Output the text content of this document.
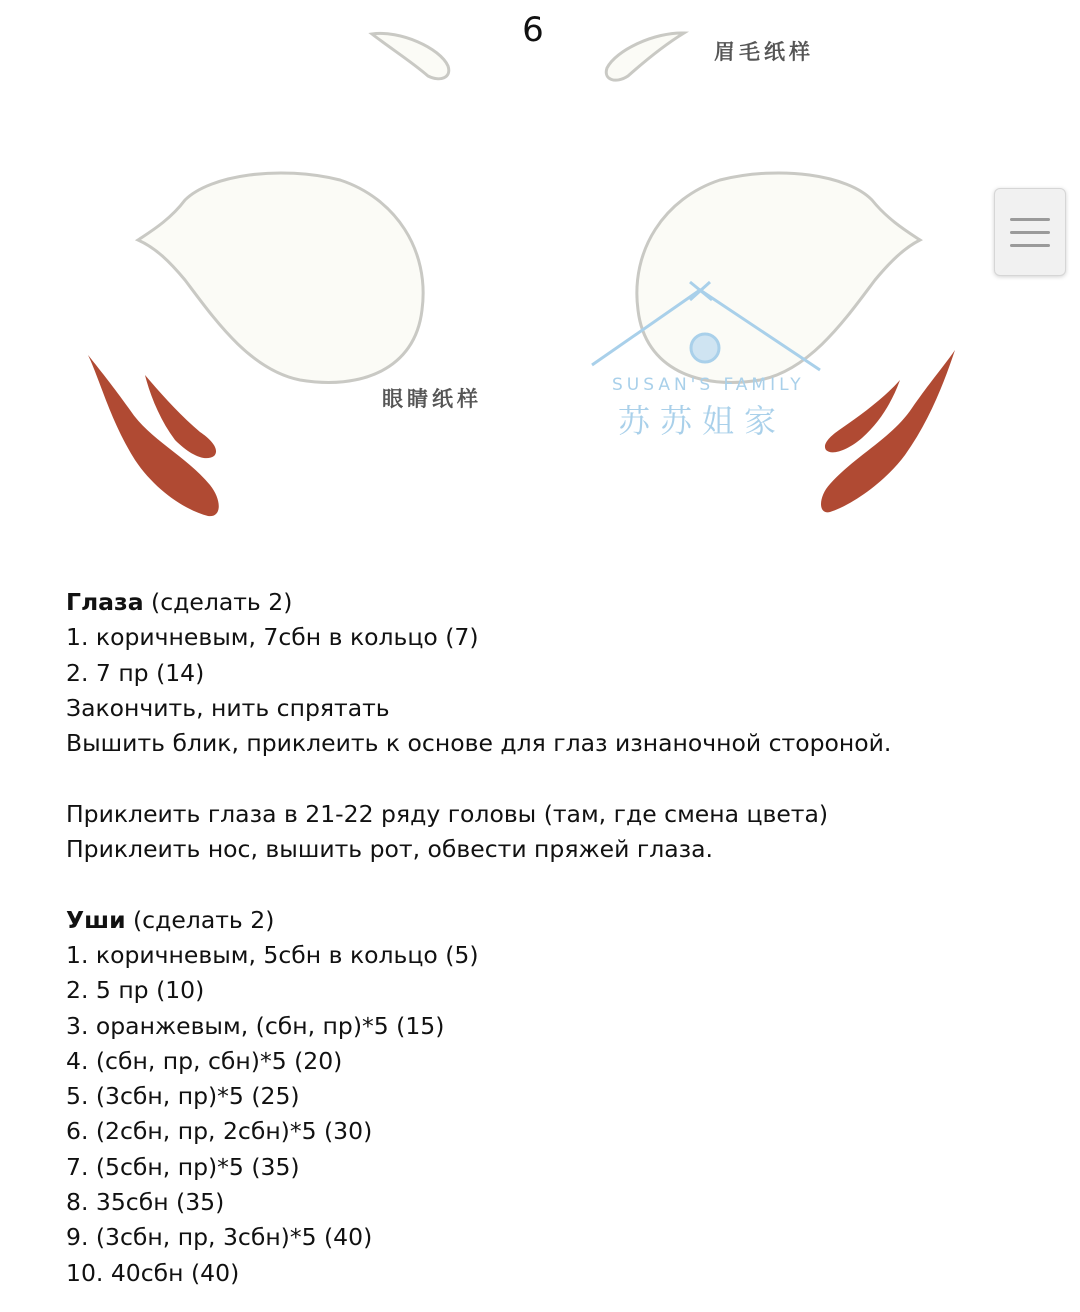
6
眉毛纸样
眼睛纸样
SUSAN'S FAMILY
苏苏姐家

Глаза (сделать 2)

1. коричневым, 7сбн в кольцо (7)

2. 7 пр (14)

Закончить, нить спрятать

Вышить блик, приклеить к основе для глаз изнаночной стороной.

Приклеить глаза в 21-22 ряду головы (там, где смена цвета)

Приклеить нос, вышить рот, обвести пряжей глаза.

Уши (сделать 2)

1. коричневым, 5сбн в кольцо (5)

2. 5 пр (10)

3. оранжевым, (сбн, пр)*5 (15)

4. (сбн, пр, сбн)*5 (20)

5. (3сбн, пр)*5 (25)

6. (2сбн, пр, 2сбн)*5 (30)

7. (5сбн, пр)*5 (35)

8. 35сбн (35)

9. (3сбн, пр, 3сбн)*5 (40)

10. 40сбн (40)
